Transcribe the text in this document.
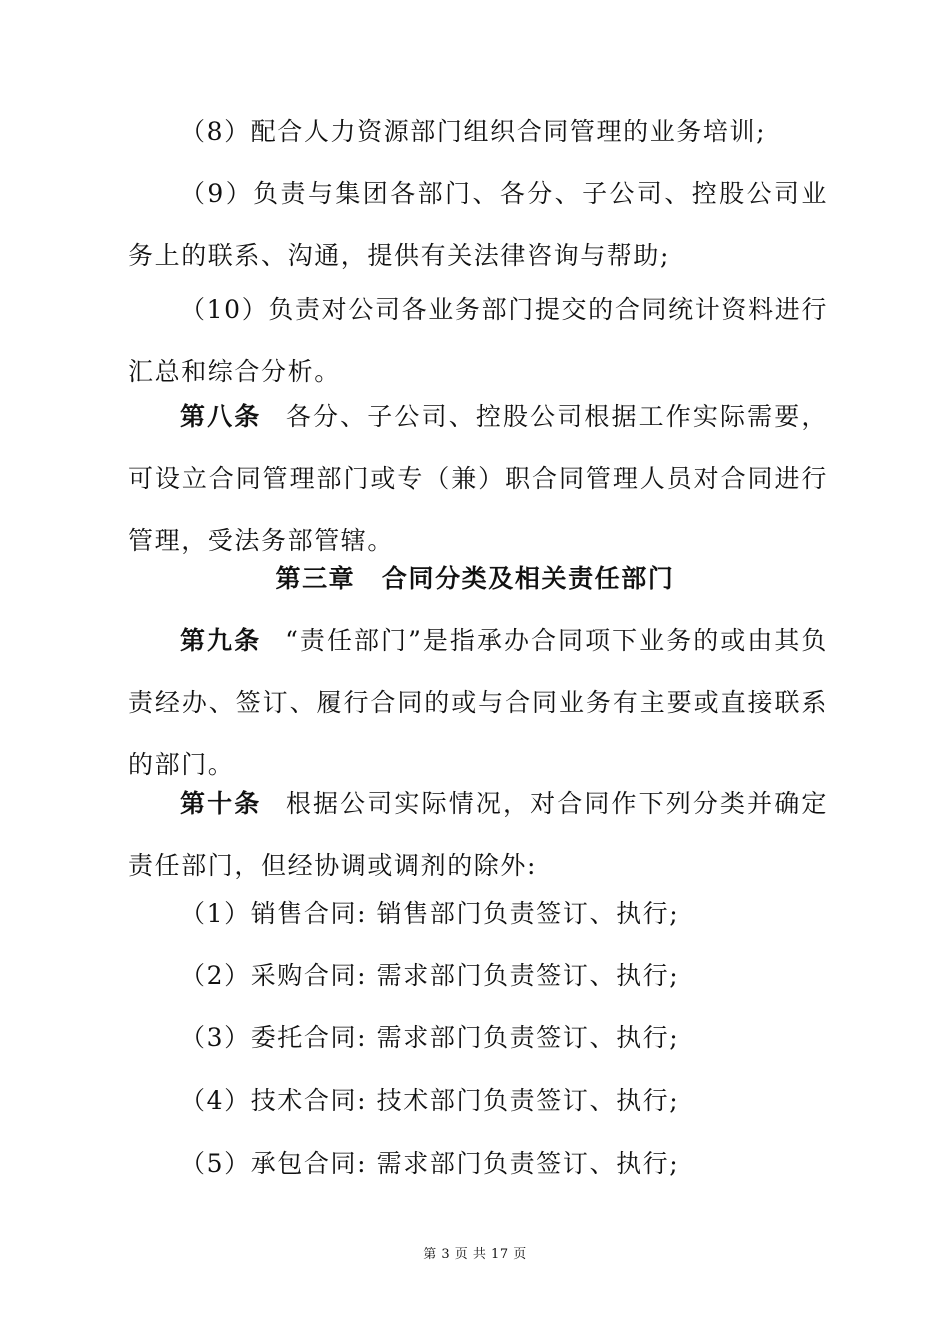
（8）配合人力资源部门组织合同管理的业务培训;

（9）负责与集团各部门、各分、子公司、控股公司业务上的联系、沟通，提供有关法律咨询与帮助;

（10）负责对公司各业务部门提交的合同统计资料进行汇总和综合分析。

第八条 各分、子公司、控股公司根据工作实际需要，可设立合同管理部门或专（兼）职合同管理人员对合同进行管理，受法务部管辖。

第三章　合同分类及相关责任部门

第九条 “责任部门”是指承办合同项下业务的或由其负责经办、签订、履行合同的或与合同业务有主要或直接联系的部门。

第十条 根据公司实际情况，对合同作下列分类并确定责任部门，但经协调或调剂的除外:

（1）销售合同: 销售部门负责签订、执行;

（2）采购合同: 需求部门负责签订、执行;

（3）委托合同: 需求部门负责签订、执行;

（4）技术合同: 技术部门负责签订、执行;

（5）承包合同: 需求部门负责签订、执行;

第 3 页 共 17 页
